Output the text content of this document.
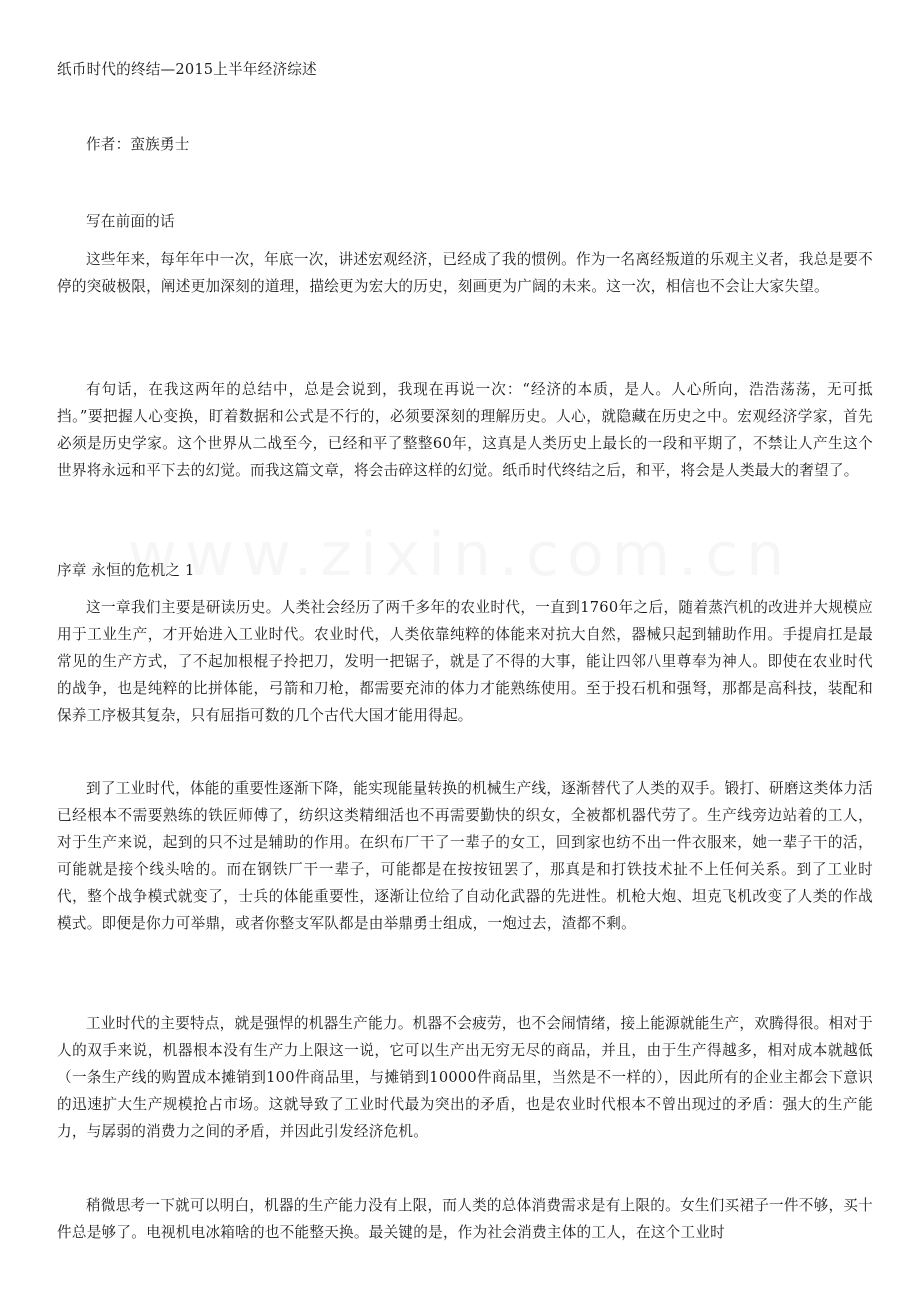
纸币时代的终结—2015上半年经济综述
作者：蛮族勇士
写在前面的话
这些年来，每年年中一次，年底一次，讲述宏观经济，已经成了我的惯例。作为一名离经叛道的乐观主义者，我总是要不停的突破极限，阐述更加深刻的道理，描绘更为宏大的历史，刻画更为广阔的未来。这一次，相信也不会让大家失望。
有句话，在我这两年的总结中，总是会说到，我现在再说一次：“经济的本质，是人。人心所向，浩浩荡荡，无可抵挡。”要把握人心变换，盯着数据和公式是不行的，必须要深刻的理解历史。人心，就隐藏在历史之中。宏观经济学家，首先必须是历史学家。这个世界从二战至今，已经和平了整整60年，这真是人类历史上最长的一段和平期了，不禁让人产生这个世界将永远和平下去的幻觉。而我这篇文章，将会击碎这样的幻觉。纸币时代终结之后，和平，将会是人类最大的奢望了。
序章 永恒的危机之 1
这一章我们主要是研读历史。人类社会经历了两千多年的农业时代，一直到1760年之后，随着蒸汽机的改进并大规模应用于工业生产，才开始进入工业时代。农业时代，人类依靠纯粹的体能来对抗大自然，器械只起到辅助作用。手提肩扛是最常见的生产方式，了不起加根棍子拎把刀，发明一把锯子，就是了不得的大事，能让四邻八里尊奉为神人。即使在农业时代的战争，也是纯粹的比拼体能，弓箭和刀枪，都需要充沛的体力才能熟练使用。至于投石机和强弩，那都是高科技，装配和保养工序极其复杂，只有屈指可数的几个古代大国才能用得起。
到了工业时代，体能的重要性逐渐下降，能实现能量转换的机械生产线，逐渐替代了人类的双手。锻打、研磨这类体力活已经根本不需要熟练的铁匠师傅了，纺织这类精细活也不再需要勤快的织女，全被都机器代劳了。生产线旁边站着的工人，对于生产来说，起到的只不过是辅助的作用。在织布厂干了一辈子的女工，回到家也纺不出一件衣服来，她一辈子干的活，可能就是接个线头啥的。而在钢铁厂干一辈子，可能都是在按按钮罢了，那真是和打铁技术扯不上任何关系。到了工业时代，整个战争模式就变了，士兵的体能重要性，逐渐让位给了自动化武器的先进性。机枪大炮、坦克飞机改变了人类的作战模式。即便是你力可举鼎，或者你整支军队都是由举鼎勇士组成，一炮过去，渣都不剩。
工业时代的主要特点，就是强悍的机器生产能力。机器不会疲劳，也不会闹情绪，接上能源就能生产，欢腾得很。相对于人的双手来说，机器根本没有生产力上限这一说，它可以生产出无穷无尽的商品，并且，由于生产得越多，相对成本就越低（一条生产线的购置成本摊销到100件商品里，与摊销到10000件商品里，当然是不一样的），因此所有的企业主都会下意识的迅速扩大生产规模抢占市场。这就导致了工业时代最为突出的矛盾，也是农业时代根本不曾出现过的矛盾：强大的生产能力，与孱弱的消费力之间的矛盾，并因此引发经济危机。
稍微思考一下就可以明白，机器的生产能力没有上限，而人类的总体消费需求是有上限的。女生们买裙子一件不够，买十件总是够了。电视机电冰箱啥的也不能整天换。最关键的是，作为社会消费主体的工人，在这个工业时
